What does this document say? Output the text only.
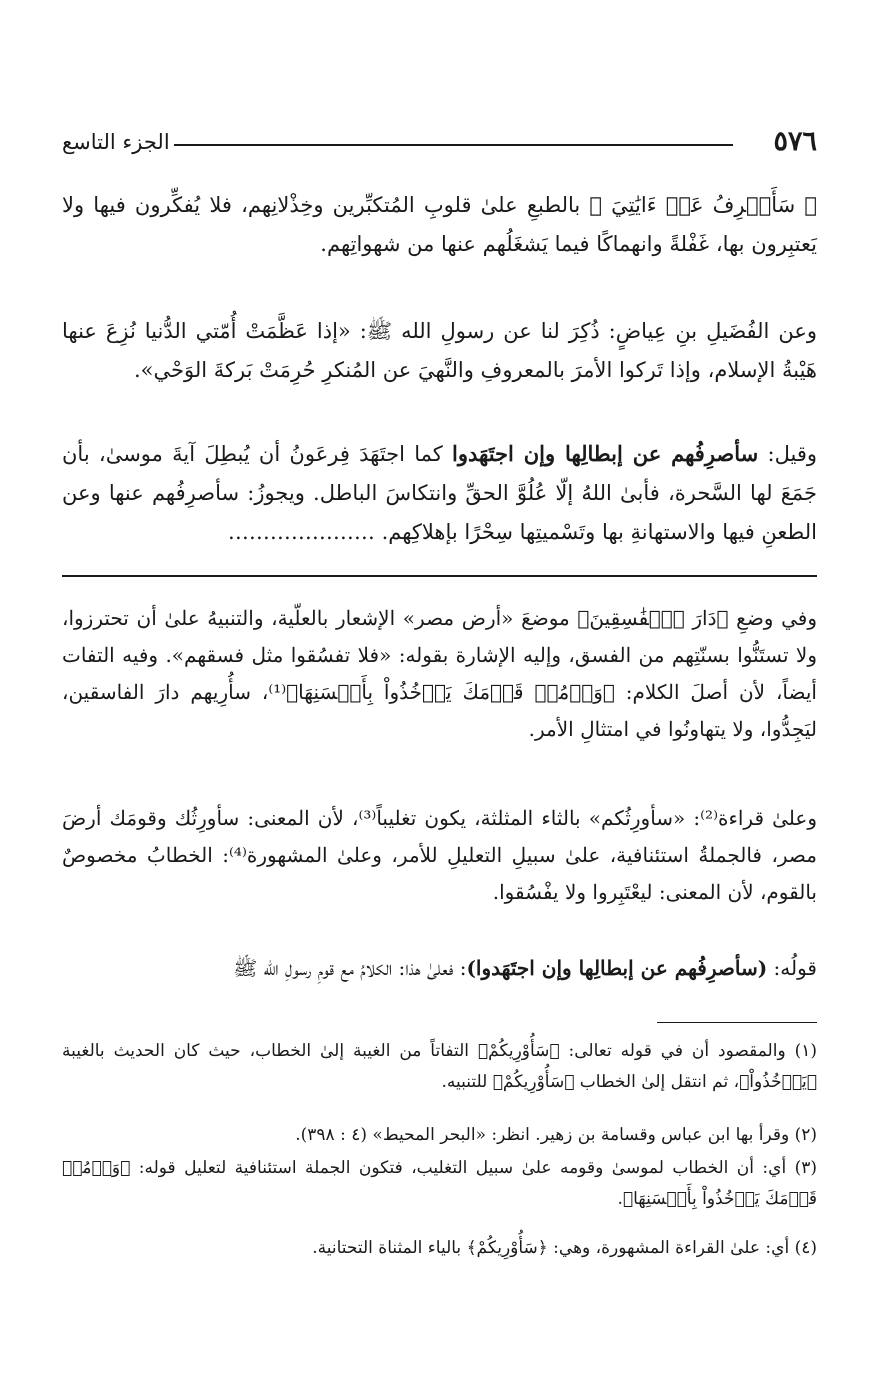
٥٧٦
الجزء التاسع

﴿ سَأَصۡرِفُ عَنۡ ءَايَٰتِيَ ﴾ بالطبعِ علىٰ قلوبِ المُتكبِّرين وخِذْلانِهم، فلا يُفكِّرون فيها ولا يَعتبِرون بها، غَفْلةً وانهماكًا فيما يَشغَلُهم عنها من شهواتِهم.

وعن الفُضَيلِ بنِ عِياضٍ: ذُكِرَ لنا عن رسولِ الله ﷺ: «إذا عَظَّمَتْ أُمّتي الدُّنيا نُزِعَ عنها هَيْبةُ الإسلام، وإذا تَركوا الأمرَ بالمعروفِ والنَّهيَ عن المُنكرِ حُرِمَتْ بَركةَ الوَحْي».

وقيل: سأصرِفُهم عن إبطالِها وإن اجتَهَدوا كما اجتَهَدَ فِرعَونُ أن يُبطِلَ آيةَ موسىٰ، بأن جَمَعَ لها السَّحرة، فأبىٰ اللهُ إلّا عُلُوَّ الحقِّ وانتكاسَ الباطل. ويجوزُ: سأصرِفُهم عنها وعن الطعنِ فيها والاستهانةِ بها وتَسْميتِها سِحْرًا بإهلاكِهم. …………………

وفي وضعِ ﴿دَارَ ٱلۡفَٰسِقِينَ﴾ موضعَ «أرض مصر» الإشعار بالعلّية، والتنبيهُ علىٰ أن تحترزوا، ولا تستَنُّوا بسنّتِهم من الفسق، وإليه الإشارة بقوله: «فلا تفسُقوا مثل فسقهم». وفيه التفات أيضاً، لأن أصلَ الكلام: ﴿وَأۡمُرۡ قَوۡمَكَ يَأۡخُذُواْ بِأَحۡسَنِهَا﴾⁽¹⁾، سأُرِيهم دارَ الفاسقين، ليَجِدُّوا، ولا يتهاونُوا في امتثالِ الأمر.

وعلىٰ قراءة⁽²⁾: «سأورِثُكم» بالثاء المثلثة، يكون تغليباً⁽³⁾، لأن المعنى: سأورِثُك وقومَك أرضَ مصر، فالجملةُ استئنافية، علىٰ سبيلِ التعليلِ للأمر، وعلىٰ المشهورة⁽⁴⁾: الخطابُ مخصوصٌ بالقوم، لأن المعنى: ليعْتَبِروا ولا يفْسُقوا.

قولُه: (سأصرِفُهم عن إبطالِها وإن اجتَهَدوا): فعلىٰ هذا: الكلامُ مع قومِ رسولِ الله ﷺ

(١) والمقصود أن في قوله تعالى: ﴿سَأُوْرِيكُمْ﴾ التفاتاً من الغيبة إلىٰ الخطاب، حيث كان الحديث بالغيبة ﴿يَأۡخُذُواْ﴾، ثم انتقل إلىٰ الخطاب ﴿سَأُوْرِيكُمْ﴾ للتنبيه.

(٢) وقرأ بها ابن عباس وقسامة بن زهير. انظر: «البحر المحيط» (٤ : ٣٩٨).

(٣) أي: أن الخطاب لموسىٰ وقومه علىٰ سبيل التغليب، فتكون الجملة استئنافية لتعليل قوله: ﴿وَأۡمُرۡ قَوۡمَكَ يَأۡخُذُواْ بِأَحۡسَنِهَا﴾.

(٤) أي: علىٰ القراءة المشهورة، وهي: ﴿سَأُوْرِيكُمْ﴾ بالياء المثناة التحتانية.
